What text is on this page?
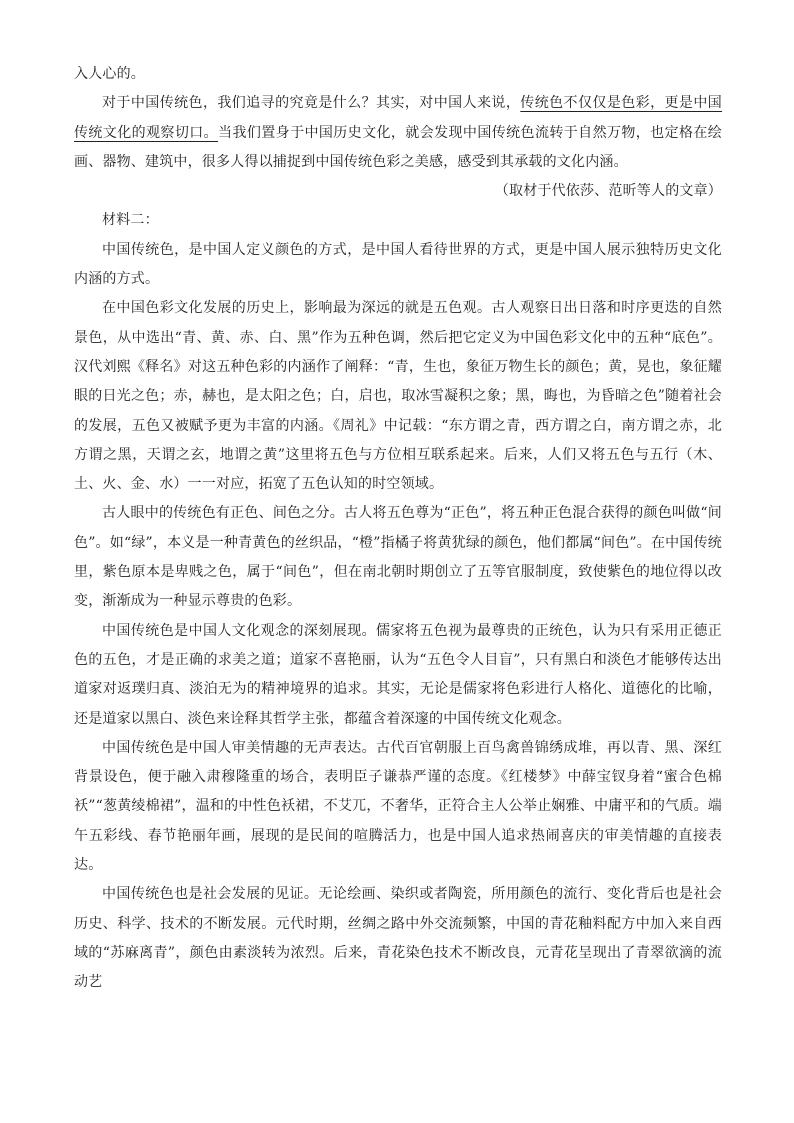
入人心的。

对于中国传统色，我们追寻的究竟是什么？其实，对中国人来说，传统色不仅仅是色彩，更是中国传统文化的观察切口。当我们置身于中国历史文化，就会发现中国传统色流转于自然万物，也定格在绘画、器物、建筑中，很多人得以捕捉到中国传统色彩之美感，感受到其承载的文化内涵。

（取材于代依莎、范昕等人的文章）

材料二：

中国传统色，是中国人定义颜色的方式，是中国人看待世界的方式，更是中国人展示独特历史文化内涵的方式。

在中国色彩文化发展的历史上，影响最为深远的就是五色观。古人观察日出日落和时序更迭的自然景色，从中选出“青、黄、赤、白、黑”作为五种色调，然后把它定义为中国色彩文化中的五种“底色”。汉代刘熙《释名》对这五种色彩的内涵作了阐释：“青，生也，象征万物生长的颜色；黄，晃也，象征耀眼的日光之色；赤，赫也，是太阳之色；白，启也，取冰雪凝积之象；黑，晦也，为昏暗之色”随着社会的发展，五色又被赋予更为丰富的内涵。《周礼》中记载：“东方谓之青，西方谓之白，南方谓之赤，北方谓之黑，天谓之玄，地谓之黄”这里将五色与方位相互联系起来。后来，人们又将五色与五行（木、土、火、金、水）一一对应，拓宽了五色认知的时空领域。

古人眼中的传统色有正色、间色之分。古人将五色尊为“正色”，将五种正色混合获得的颜色叫做“间色”。如“绿”，本义是一种青黄色的丝织品，“橙”指橘子将黄犹绿的颜色，他们都属“间色”。在中国传统里，紫色原本是卑贱之色，属于“间色”，但在南北朝时期创立了五等官服制度，致使紫色的地位得以改变，渐渐成为一种显示尊贵的色彩。

中国传统色是中国人文化观念的深刻展现。儒家将五色视为最尊贵的正统色，认为只有采用正德正色的五色，才是正确的求美之道；道家不喜艳丽，认为“五色令人目盲”，只有黑白和淡色才能够传达出道家对返璞归真、淡泊无为的精神境界的追求。其实，无论是儒家将色彩进行人格化、道德化的比喻，还是道家以黑白、淡色来诠释其哲学主张，都蕴含着深邃的中国传统文化观念。

中国传统色是中国人审美情趣的无声表达。古代百官朝服上百鸟禽兽锦绣成堆，再以青、黑、深红背景设色，便于融入肃穆隆重的场合，表明臣子谦恭严谨的态度。《红楼梦》中薛宝钗身着“蜜合色棉袄”“葱黄绫棉裙”，温和的中性色袄裙，不艾兀，不奢华，正符合主人公举止娴雅、中庸平和的气质。端午五彩线、春节艳丽年画，展现的是民间的喧腾活力，也是中国人追求热闹喜庆的审美情趣的直接表达。

中国传统色也是社会发展的见证。无论绘画、染织或者陶瓷，所用颜色的流行、变化背后也是社会历史、科学、技术的不断发展。元代时期，丝绸之路中外交流频繁，中国的青花釉料配方中加入来自西域的“苏麻离青”，颜色由素淡转为浓烈。后来，青花染色技术不断改良，元青花呈现出了青翠欲滴的流动艺
